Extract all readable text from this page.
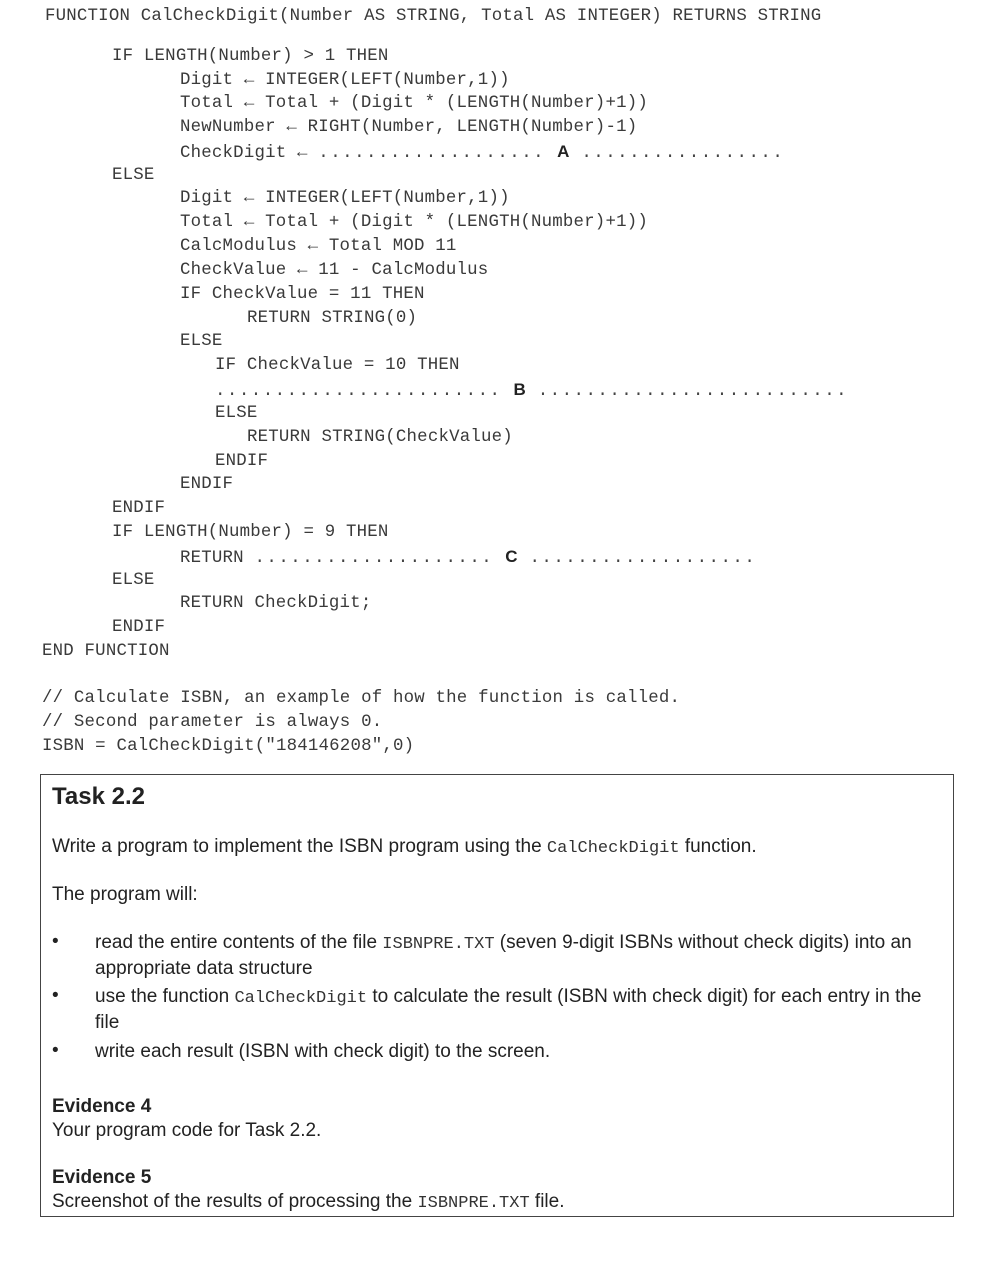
FUNCTION CalCheckDigit(Number AS STRING, Total AS INTEGER) RETURNS STRING
IF LENGTH(Number) > 1 THEN
Digit ← INTEGER(LEFT(Number,1))
Total ← Total + (Digit * (LENGTH(Number)+1))
NewNumber ← RIGHT(Number, LENGTH(Number)-1)
CheckDigit ← ................... A .................
ELSE
Digit ← INTEGER(LEFT(Number,1))
Total ← Total + (Digit * (LENGTH(Number)+1))
CalcModulus ← Total MOD 11
CheckValue ← 11 - CalcModulus
IF CheckValue = 11 THEN
RETURN STRING(0)
ELSE
IF CheckValue = 10 THEN
........................ B ..........................
ELSE
RETURN STRING(CheckValue)
ENDIF
ENDIF
ENDIF
IF LENGTH(Number) = 9 THEN
RETURN .................... C ...................
ELSE
RETURN CheckDigit;
ENDIF
END FUNCTION
// Calculate ISBN, an example of how the function is called.
// Second parameter is always 0.
ISBN = CalCheckDigit("184146208",0)
Task 2.2
Write a program to implement the ISBN program using the CalCheckDigit function.
The program will:
• read the entire contents of the file ISBNPRE.TXT (seven 9-digit ISBNs without check digits) into an appropriate data structure
• use the function CalCheckDigit to calculate the result (ISBN with check digit) for each entry in the file
• write each result (ISBN with check digit) to the screen.
Evidence 4
Your program code for Task 2.2.
Evidence 5
Screenshot of the results of processing the ISBNPRE.TXT file.
